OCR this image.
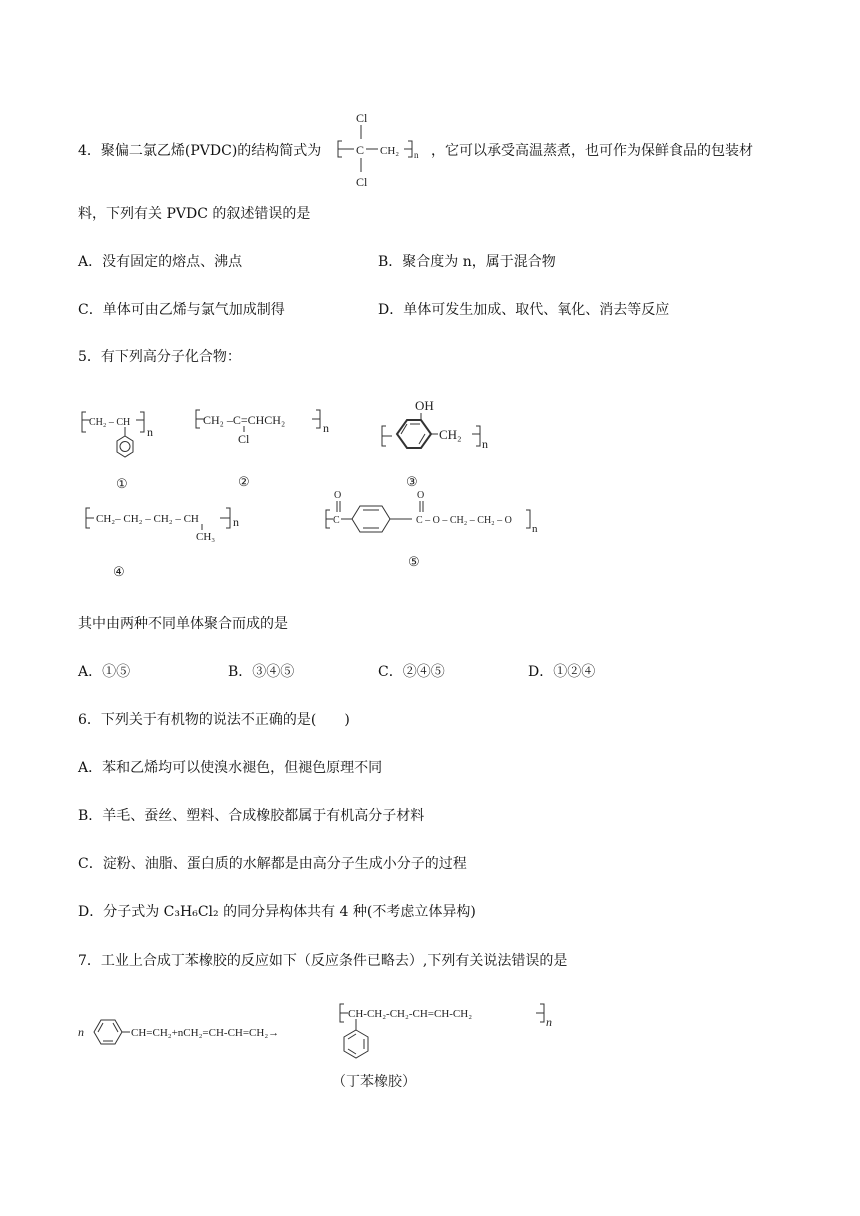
4．聚偏二氯乙烯(PVDC)的结构简式为
Cl
C CH₂ n
Cl
，它可以承受高温蒸煮，也可作为保鲜食品的包装材
料，下列有关 PVDC 的叙述错误的是
A．没有固定的熔点、沸点	B．聚合度为 n，属于混合物
C．单体可由乙烯与氯气加成制得	D．单体可发生加成、取代、氧化、消去等反应
5．有下列高分子化合物：
CH₂ – CH
n
①
CH₂ –C=CHCH₂
n
Cl
②
OH
CH₂
n
③
CH₂– CH₂ – CH₂ – CH	n
CH₃
④
O
C
O
C – O – CH₂ – CH₂ – O
n
⑤
其中由两种不同单体聚合而成的是
A．①⑤	B．③④⑤	C．②④⑤	D．①②④
6．下列关于有机物的说法不正确的是(　　)
A．苯和乙烯均可以使溴水褪色，但褪色原理不同
B．羊毛、蚕丝、塑料、合成橡胶都属于有机高分子材料
C．淀粉、油脂、蛋白质的水解都是由高分子生成小分子的过程
D．分子式为 C₃H₆Cl₂ 的同分异构体共有 4 种(不考虑立体异构)
7．工业上合成丁苯橡胶的反应如下（反应条件已略去）,下列有关说法错误的是
n	CH=CH₂+nCH₂=CH-CH=CH₂→
CH-CH₂-CH₂-CH=CH-CH₂
n
（丁苯橡胶）
